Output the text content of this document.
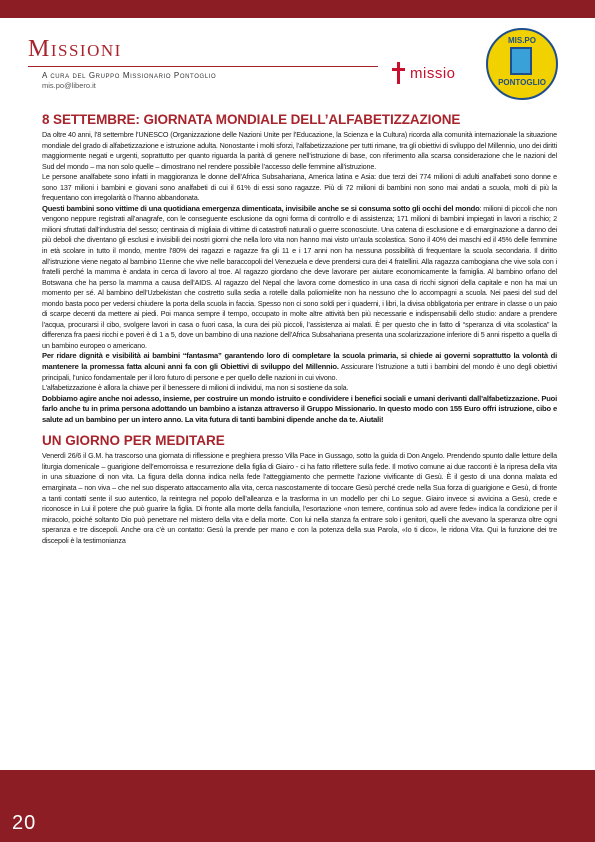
Missioni
A cura del Gruppo Missionario Pontoglio
mis.po@libero.it
missio
MIS.PO
PONTOGLIO
8 SETTEMBRE: GIORNATA MONDIALE DELL’ALFABETIZZAZIONE

Da oltre 40 anni, l’8 settembre l’UNESCO (Organizzazione delle Nazioni Unite per l’Educazione, la Scienza e la Cultura) ricorda alla comunità internazionale la situazione mondiale del grado di alfabetizzazione e istruzione adulta. Nonostante i molti sforzi, l’alfabetizzazione per tutti rimane, tra gli obiettivi di sviluppo del Millennio, uno dei diritti maggiormente negati e urgenti, soprattutto per quanto riguarda la parità di genere nell’istruzione di base, con riferimento alla scarsa considerazione che le nazioni del Sud del mondo – ma non solo quelle – dimostrano nel rendere possibile l’accesso delle femmine all’istruzione.

Le persone analfabete sono infatti in maggioranza le donne dell’Africa Subsahariana, America latina e Asia: due terzi dei 774 milioni di adulti analfabeti sono donne e sono 137 milioni i bambini e giovani sono analfabeti di cui il 61% di essi sono ragazze. Più di 72 milioni di bambini non sono mai andati a scuola, molti di più la frequentano con irregolarità o l’hanno abbandonata.

Questi bambini sono vittime di una quotidiana emergenza dimenticata, invisibile anche se si consuma sotto gli occhi del mondo: milioni di piccoli che non vengono neppure registrati all’anagrafe, con le conseguente esclusione da ogni forma di controllo e di assistenza; 171 milioni di bambini impiegati in lavori a rischio; 2 milioni sfruttati dall’industria del sesso; centinaia di migliaia di vittime di catastrofi naturali o guerre sconosciute. Una catena di esclusione e di emarginazione a danno dei più deboli che diventano gli esclusi e invisibili dei nostri giorni che nella loro vita non hanno mai visto un’aula scolastica. Sono il 40% dei maschi ed il 45% delle femmine in età scolare in tutto il mondo, mentre l’80% dei ragazzi e ragazze fra gli 11 e i 17 anni non ha nessuna possibilità di frequentare la scuola secondaria. Il diritto all’istruzione viene negato al bambino 11enne che vive nelle baraccopoli del Venezuela e deve prendersi cura dei 4 fratellini. Alla ragazza cambogiana che vive sola con i fratelli perché la mamma è andata in cerca di lavoro al troe. Al ragazzo giordano che deve lavorare per aiutare economicamente la famiglia. Al bambino orfano del Botswana che ha perso la mamma a causa dell’AIDS. Al ragazzo del Nepal che lavora come domestico in una casa di ricchi signori della capitale e non ha mai un momento per sé. Al bambino dell’Uzbekistan che costretto sulla sedia a rotelle dalla poliomielite non ha nessuno che lo accompagni a scuola. Nei paesi del sud del mondo basta poco per vedersi chiudere la porta della scuola in faccia. Spesso non ci sono soldi per i quaderni, i libri, la divisa obbligatoria per entrare in classe o un paio di scarpe decenti da mettere ai piedi. Poi manca sempre il tempo, occupato in molte altre attività ben più necessarie e indispensabili dello studio: andare a prendere l’acqua, procurarsi il cibo, svolgere lavori in casa o fuori casa, la cura dei più piccoli, l’assistenza ai malati. È per questo che in fatto di “speranza di vita scolastica” la differenza fra paesi ricchi e poveri è di 1 a 5, dove un bambino di una nazione dell’Africa Subsahariana presenta una scolarizzazione inferiore di 5 anni rispetto a quella di un bambino europeo o americano.

Per ridare dignità e visibilità ai bambini “fantasma” garantendo loro di completare la scuola primaria, si chiede ai governi soprattutto la volontà di mantenere la promessa fatta alcuni anni fa con gli Obiettivi di sviluppo del Millennio. Assicurare l’istruzione a tutti i bambini del mondo è uno degli obiettivi principali, l’unico fondamentale per il loro futuro di persone e per quello delle nazioni in cui vivono.

L’alfabetizzazione è allora la chiave per il benessere di milioni di individui, ma non si sostiene da sola.

Dobbiamo agire anche noi adesso, insieme, per costruire un mondo istruito e condividere i benefici sociali e umani derivanti dall’alfabetizzazione. Puoi farlo anche tu in prima persona adottando un bambino a istanza attraverso il Gruppo Missionario. In questo modo con 155 Euro offri istruzione, cibo e salute ad un bambino per un intero anno. La vita futura di tanti bambini dipende anche da te. Aiutali!

UN GIORNO PER MEDITARE

Venerdì 26/6 il G.M. ha trascorso una giornata di riflessione e preghiera presso Villa Pace in Gussago, sotto la guida di Don Angelo. Prendendo spunto dalle letture della liturgia domenicale – guarigione dell’emorroissa e resurrezione della figlia di Giairo - ci ha fatto riflettere sulla fede. Il motivo comune ai due racconti è la ripresa della vita in una situazione di non vita. La figura della donna indica nella fede l’atteggiamento che permette l’azione vivificante di Gesù. È il gesto di una donna malata ed emarginata – non viva – che nel suo disperato attaccamento alla vita, cerca nascostamente di toccare Gesù perché crede nella Sua forza di guarigione e Gesù, di fronte a tanti contatti sente il suo autentico, la reintegra nel popolo dell’alleanza e la trasforma in un modello per chi Lo segue. Giairo invece si avvicina a Gesù, crede e riconosce in Lui il potere che può guarire la figlia. Di fronte alla morte della fanciulla, l’esortazione «non temere, continua solo ad avere fede» indica la condizione per il miracolo, poiché soltanto Dio può penetrare nel mistero della vita e della morte. Con lui nella stanza fa entrare solo i genitori, quelli che avevano la speranza oltre ogni speranza e tre discepoli. Anche ora c’è un contatto: Gesù la prende per mano e con la potenza della sua Parola, «Io ti dico», le ridona Vita. Qui la funzione dei tre discepoli è la testimonianza

20
